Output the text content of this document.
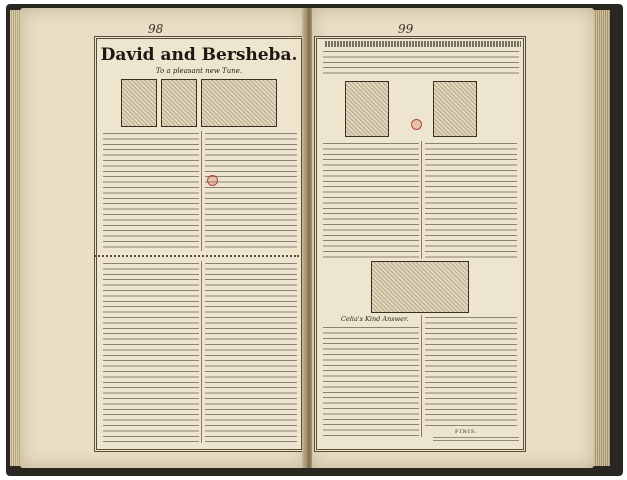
98
David and Bersheba.
To a pleasant new Tune.
99
Celia's Kind Answer.
FINIS.
